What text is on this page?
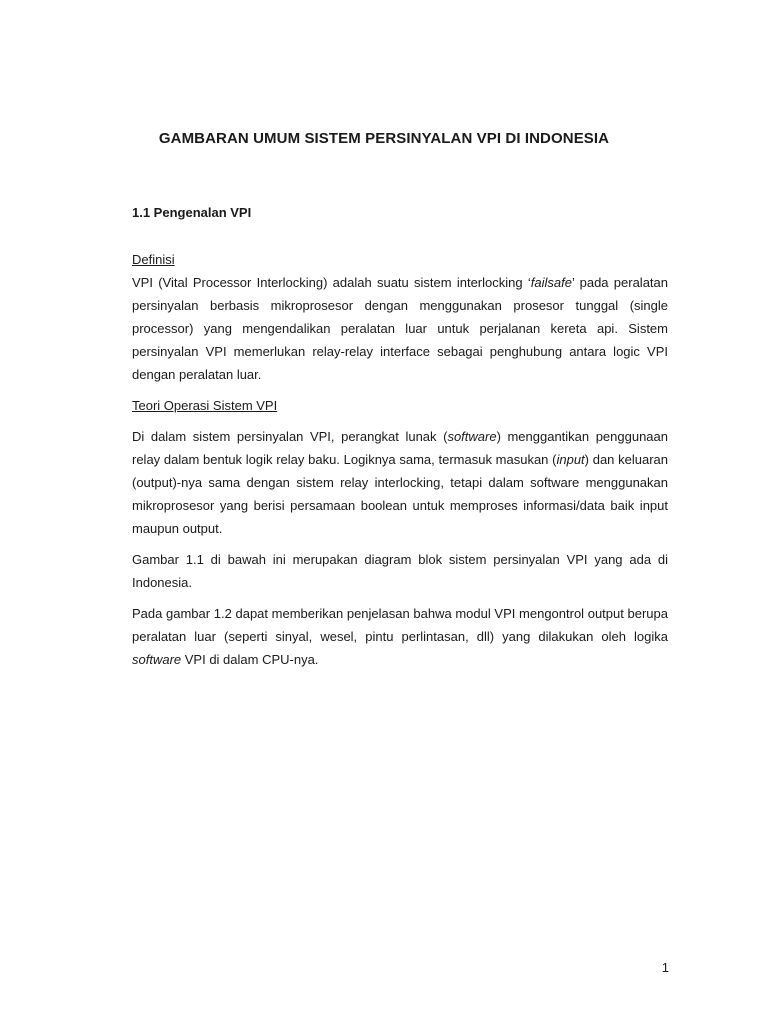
GAMBARAN UMUM SISTEM PERSINYALAN VPI DI INDONESIA
1.1 Pengenalan VPI

Definisi

VPI (Vital Processor Interlocking) adalah suatu sistem interlocking ‘failsafe’ pada peralatan persinyalan berbasis mikroprosesor dengan menggunakan prosesor tunggal (single processor) yang mengendalikan peralatan luar untuk perjalanan kereta api. Sistem persinyalan VPI memerlukan relay-relay interface sebagai penghubung antara logic VPI dengan peralatan luar.

Teori Operasi Sistem VPI

Di dalam sistem persinyalan VPI, perangkat lunak (software) menggantikan penggunaan relay dalam bentuk logik relay baku. Logiknya sama, termasuk masukan (input) dan keluaran (output)-nya sama dengan sistem relay interlocking, tetapi dalam software menggunakan mikroprosesor yang berisi persamaan boolean untuk memproses informasi/data baik input maupun output.

Gambar 1.1 di bawah ini merupakan diagram blok sistem persinyalan VPI yang ada di Indonesia.

Pada gambar 1.2 dapat memberikan penjelasan bahwa modul VPI mengontrol output berupa peralatan luar (seperti sinyal, wesel, pintu perlintasan, dll) yang dilakukan oleh logika software VPI di dalam CPU-nya.

1
